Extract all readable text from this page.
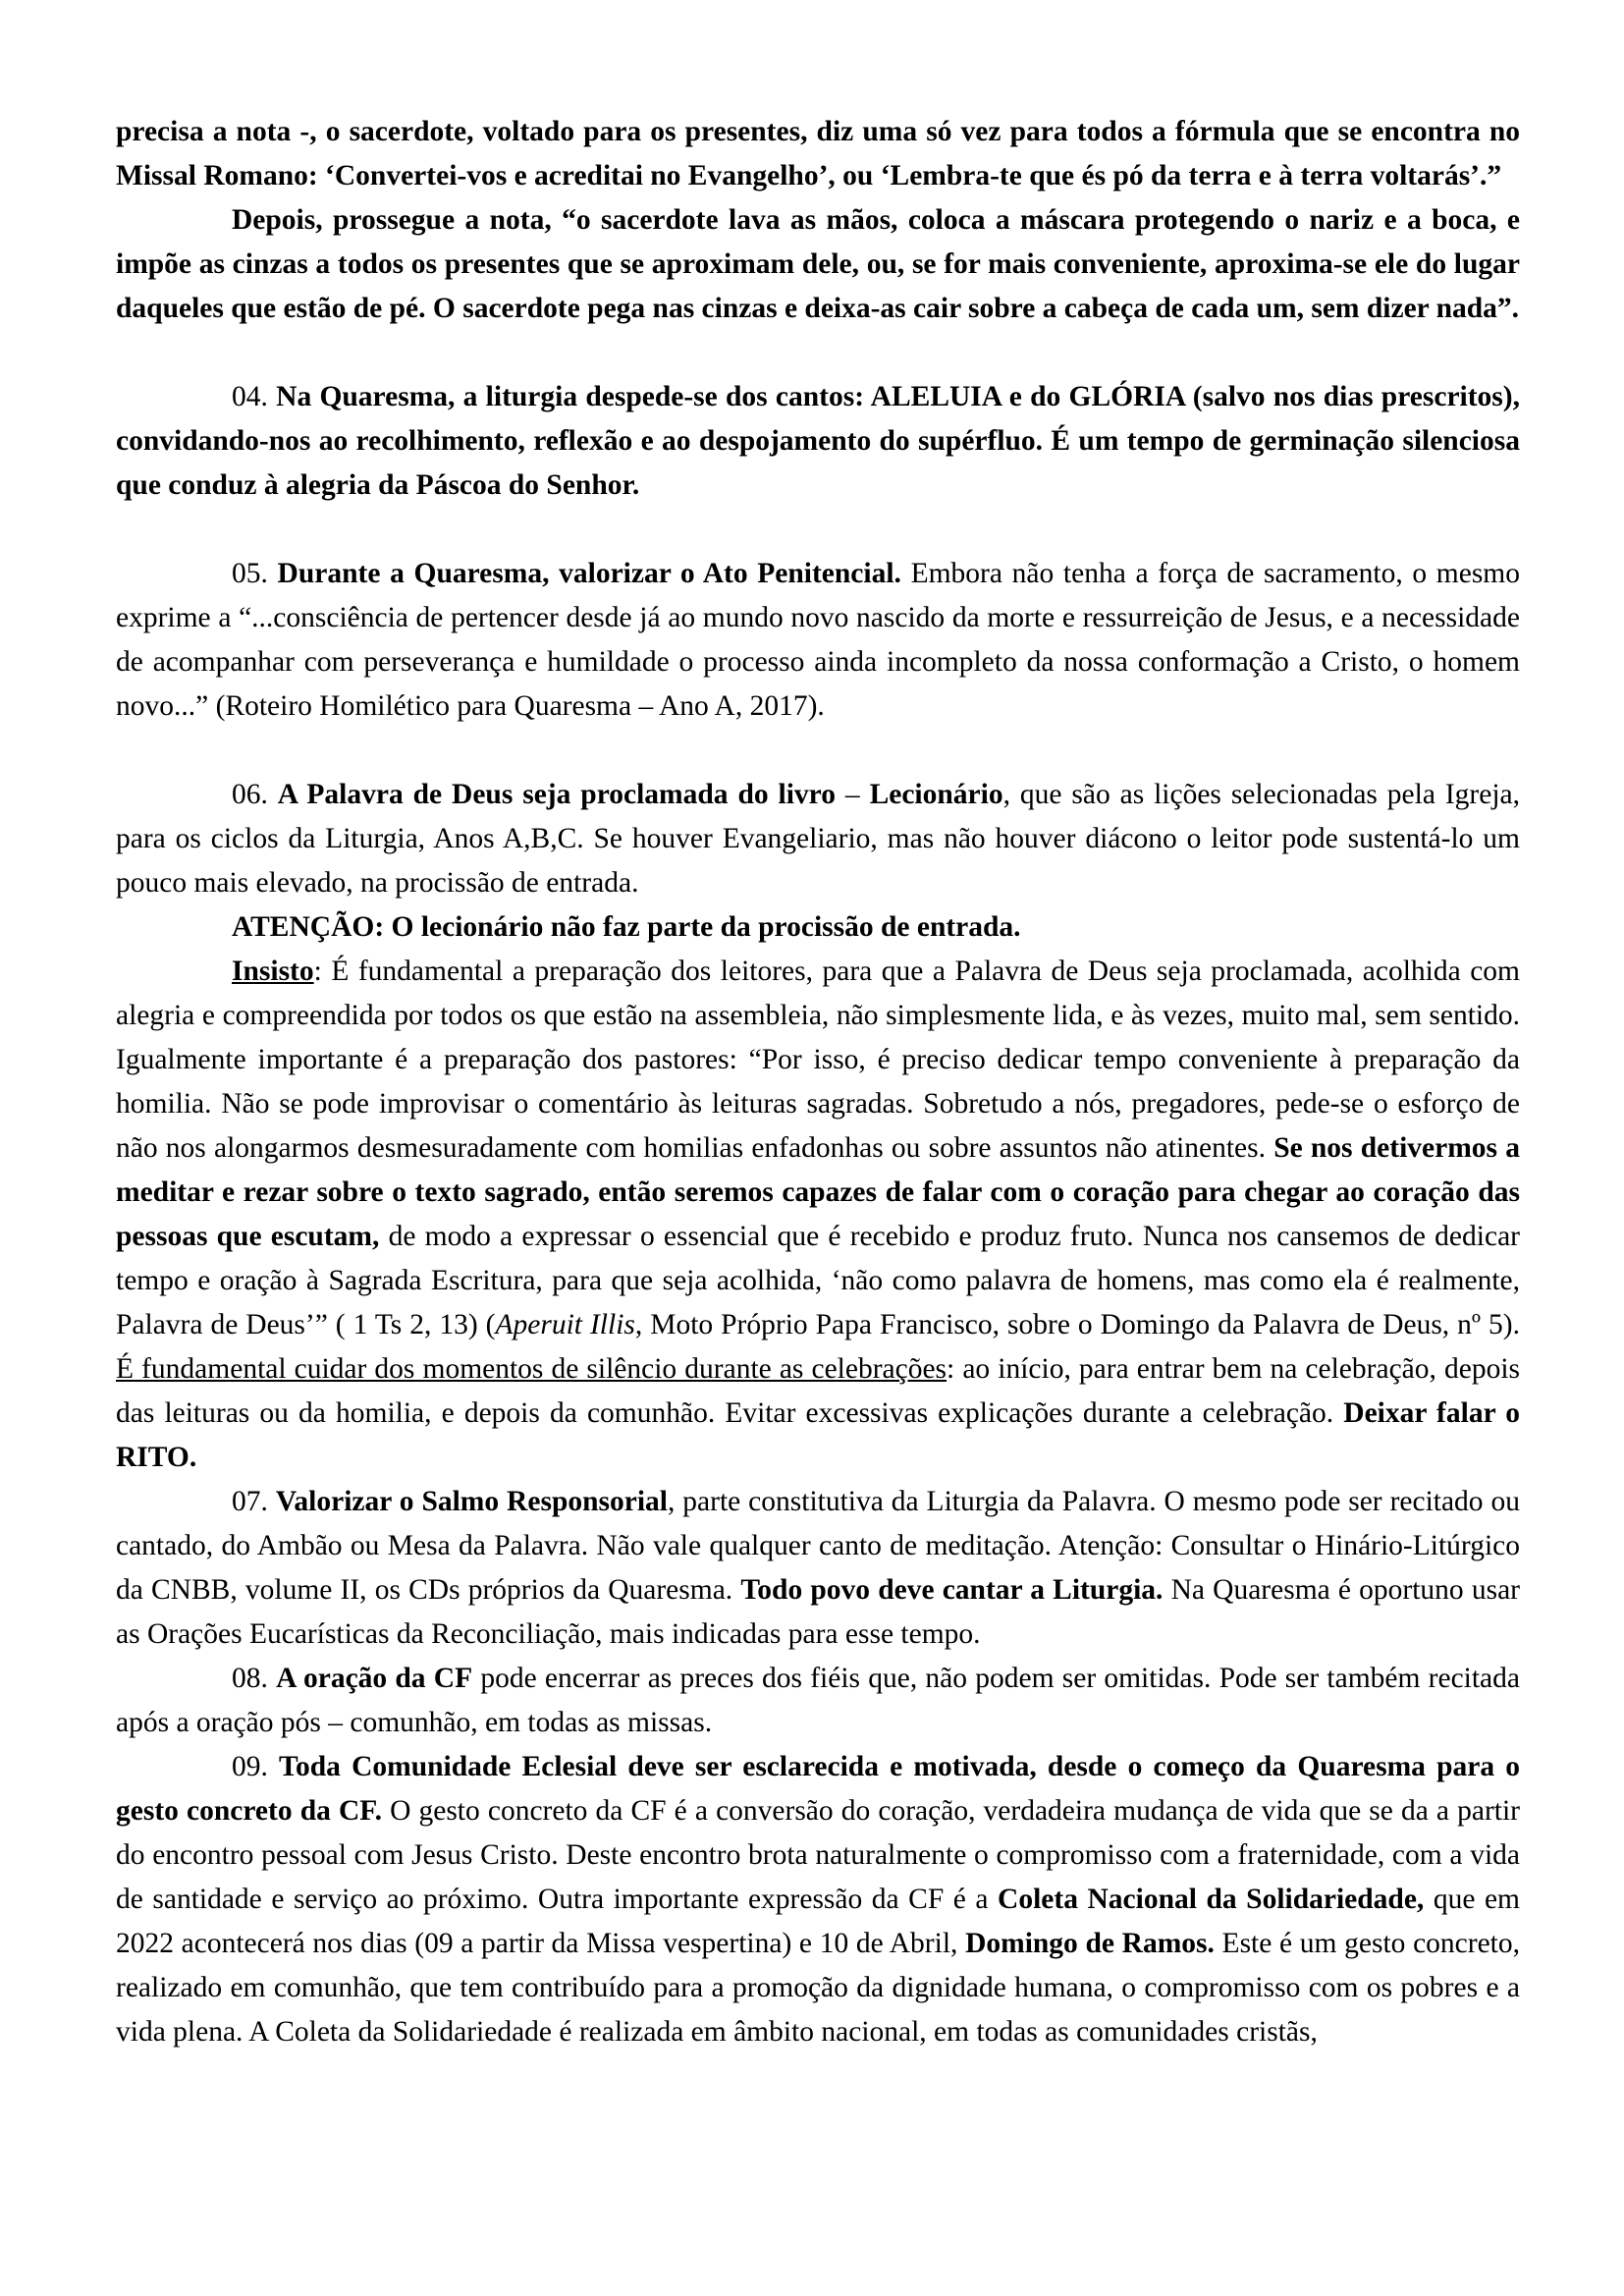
precisa a nota -, o sacerdote, voltado para os presentes, diz uma só vez para todos a fórmula que se encontra no Missal Romano: ‘Convertei-vos e acreditai no Evangelho’, ou ‘Lembra-te que és pó da terra e à terra voltarás’.”

Depois, prossegue a nota, “o sacerdote lava as mãos, coloca a máscara protegendo o nariz e a boca, e impõe as cinzas a todos os presentes que se aproximam dele, ou, se for mais conveniente, aproxima-se ele do lugar daqueles que estão de pé. O sacerdote pega nas cinzas e deixa-as cair sobre a cabeça de cada um, sem dizer nada”.

04. Na Quaresma, a liturgia despede-se dos cantos: ALELUIA e do GLÓRIA (salvo nos dias prescritos), convidando-nos ao recolhimento, reflexão e ao despojamento do supérfluo. É um tempo de germinação silenciosa que conduz à alegria da Páscoa do Senhor.

05. Durante a Quaresma, valorizar o Ato Penitencial. Embora não tenha a força de sacramento, o mesmo exprime a “...consciência de pertencer desde já ao mundo novo nascido da morte e ressurreição de Jesus, e a necessidade de acompanhar com perseverança e humildade o processo ainda incompleto da nossa conformação a Cristo, o homem novo...” (Roteiro Homilético para Quaresma – Ano A, 2017).

06. A Palavra de Deus seja proclamada do livro – Lecionário, que são as lições selecionadas pela Igreja, para os ciclos da Liturgia, Anos A,B,C. Se houver Evangeliario, mas não houver diácono o leitor pode sustentá-lo um pouco mais elevado, na procissão de entrada.

ATENÇÃO: O lecionário não faz parte da procissão de entrada.

Insisto: É fundamental a preparação dos leitores, para que a Palavra de Deus seja proclamada, acolhida com alegria e compreendida por todos os que estão na assembleia, não simplesmente lida, e às vezes, muito mal, sem sentido. Igualmente importante é a preparação dos pastores: “Por isso, é preciso dedicar tempo conveniente à preparação da homilia. Não se pode improvisar o comentário às leituras sagradas. Sobretudo a nós, pregadores, pede-se o esforço de não nos alongarmos desmesuradamente com homilias enfadonhas ou sobre assuntos não atinentes. Se nos detivermos a meditar e rezar sobre o texto sagrado, então seremos capazes de falar com o coração para chegar ao coração das pessoas que escutam, de modo a expressar o essencial que é recebido e produz fruto. Nunca nos cansemos de dedicar tempo e oração à Sagrada Escritura, para que seja acolhida, ‘não como palavra de homens, mas como ela é realmente, Palavra de Deus’” ( 1 Ts 2, 13) (Aperuit Illis, Moto Próprio Papa Francisco, sobre o Domingo da Palavra de Deus, nº 5). É fundamental cuidar dos momentos de silêncio durante as celebrações: ao início, para entrar bem na celebração, depois das leituras ou da homilia, e depois da comunhão. Evitar excessivas explicações durante a celebração. Deixar falar o RITO.

07. Valorizar o Salmo Responsorial, parte constitutiva da Liturgia da Palavra. O mesmo pode ser recitado ou cantado, do Ambão ou Mesa da Palavra. Não vale qualquer canto de meditação. Atenção: Consultar o Hinário-Litúrgico da CNBB, volume II, os CDs próprios da Quaresma. Todo povo deve cantar a Liturgia. Na Quaresma é oportuno usar as Orações Eucarísticas da Reconciliação, mais indicadas para esse tempo.

08. A oração da CF pode encerrar as preces dos fiéis que, não podem ser omitidas. Pode ser também recitada após a oração pós – comunhão, em todas as missas.

09. Toda Comunidade Eclesial deve ser esclarecida e motivada, desde o começo da Quaresma para o gesto concreto da CF. O gesto concreto da CF é a conversão do coração, verdadeira mudança de vida que se da a partir do encontro pessoal com Jesus Cristo. Deste encontro brota naturalmente o compromisso com a fraternidade, com a vida de santidade e serviço ao próximo. Outra importante expressão da CF é a Coleta Nacional da Solidariedade, que em 2022 acontecerá nos dias (09 a partir da Missa vespertina) e 10 de Abril, Domingo de Ramos. Este é um gesto concreto, realizado em comunhão, que tem contribuído para a promoção da dignidade humana, o compromisso com os pobres e a vida plena. A Coleta da Solidariedade é realizada em âmbito nacional, em todas as comunidades cristãs,
